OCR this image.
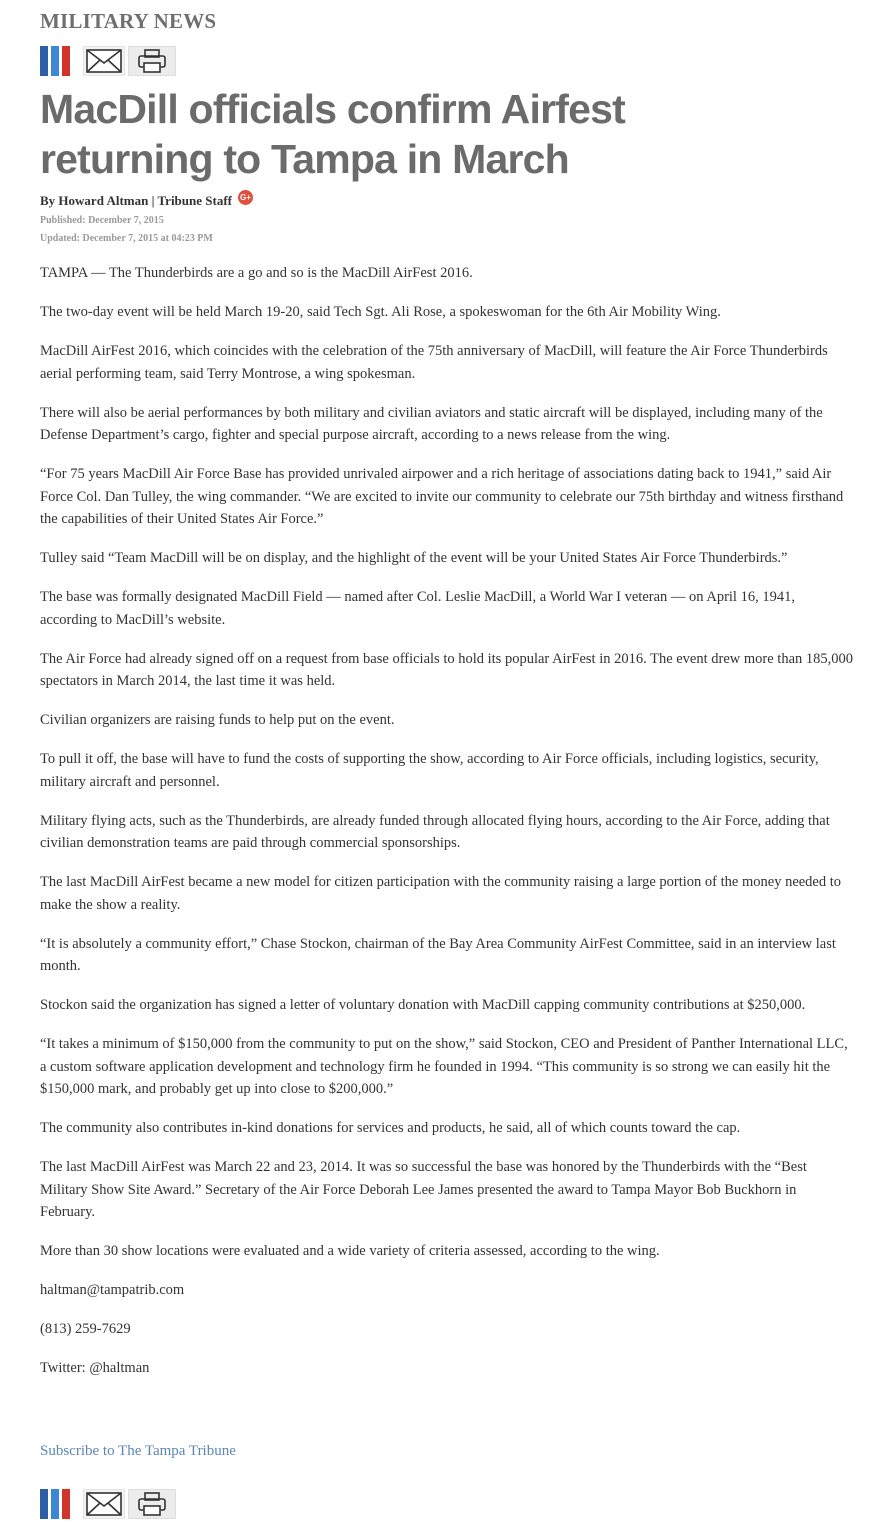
MILITARY NEWS
MacDill officials confirm Airfest returning to Tampa in March
By Howard Altman | Tribune Staff G+
Published: December 7, 2015
Updated: December 7, 2015 at 04:23 PM

TAMPA — The Thunderbirds are a go and so is the MacDill AirFest 2016.

The two-day event will be held March 19-20, said Tech Sgt. Ali Rose, a spokeswoman for the 6th Air Mobility Wing.

MacDill AirFest 2016, which coincides with the celebration of the 75th anniversary of MacDill, will feature the Air Force Thunderbirds aerial performing team, said Terry Montrose, a wing spokesman.

There will also be aerial performances by both military and civilian aviators and static aircraft will be displayed, including many of the Defense Department’s cargo, fighter and special purpose aircraft, according to a news release from the wing.

“For 75 years MacDill Air Force Base has provided unrivaled airpower and a rich heritage of associations dating back to 1941,” said Air Force Col. Dan Tulley, the wing commander. “We are excited to invite our community to celebrate our 75th birthday and witness firsthand the capabilities of their United States Air Force.”

Tulley said “Team MacDill will be on display, and the highlight of the event will be your United States Air Force Thunderbirds.”

The base was formally designated MacDill Field — named after Col. Leslie MacDill, a World War I veteran — on April 16, 1941, according to MacDill’s website.

The Air Force had already signed off on a request from base officials to hold its popular AirFest in 2016. The event drew more than 185,000 spectators in March 2014, the last time it was held.

Civilian organizers are raising funds to help put on the event.

To pull it off, the base will have to fund the costs of supporting the show, according to Air Force officials, including logistics, security, military aircraft and personnel.

Military flying acts, such as the Thunderbirds, are already funded through allocated flying hours, according to the Air Force, adding that civilian demonstration teams are paid through commercial sponsorships.

The last MacDill AirFest became a new model for citizen participation with the community raising a large portion of the money needed to make the show a reality.

“It is absolutely a community effort,” Chase Stockon, chairman of the Bay Area Community AirFest Committee, said in an interview last month.

Stockon said the organization has signed a letter of voluntary donation with MacDill capping community contributions at $250,000.

“It takes a minimum of $150,000 from the community to put on the show,” said Stockon, CEO and President of Panther International LLC, a custom software application development and technology firm he founded in 1994. “This community is so strong we can easily hit the $150,000 mark, and probably get up into close to $200,000.”

The community also contributes in-kind donations for services and products, he said, all of which counts toward the cap.

The last MacDill AirFest was March 22 and 23, 2014. It was so successful the base was honored by the Thunderbirds with the “Best Military Show Site Award.” Secretary of the Air Force Deborah Lee James presented the award to Tampa Mayor Bob Buckhorn in February.

More than 30 show locations were evaluated and a wide variety of criteria assessed, according to the wing.

haltman@tampatrib.com

(813) 259-7629

Twitter: @haltman

Subscribe to The Tampa Tribune
